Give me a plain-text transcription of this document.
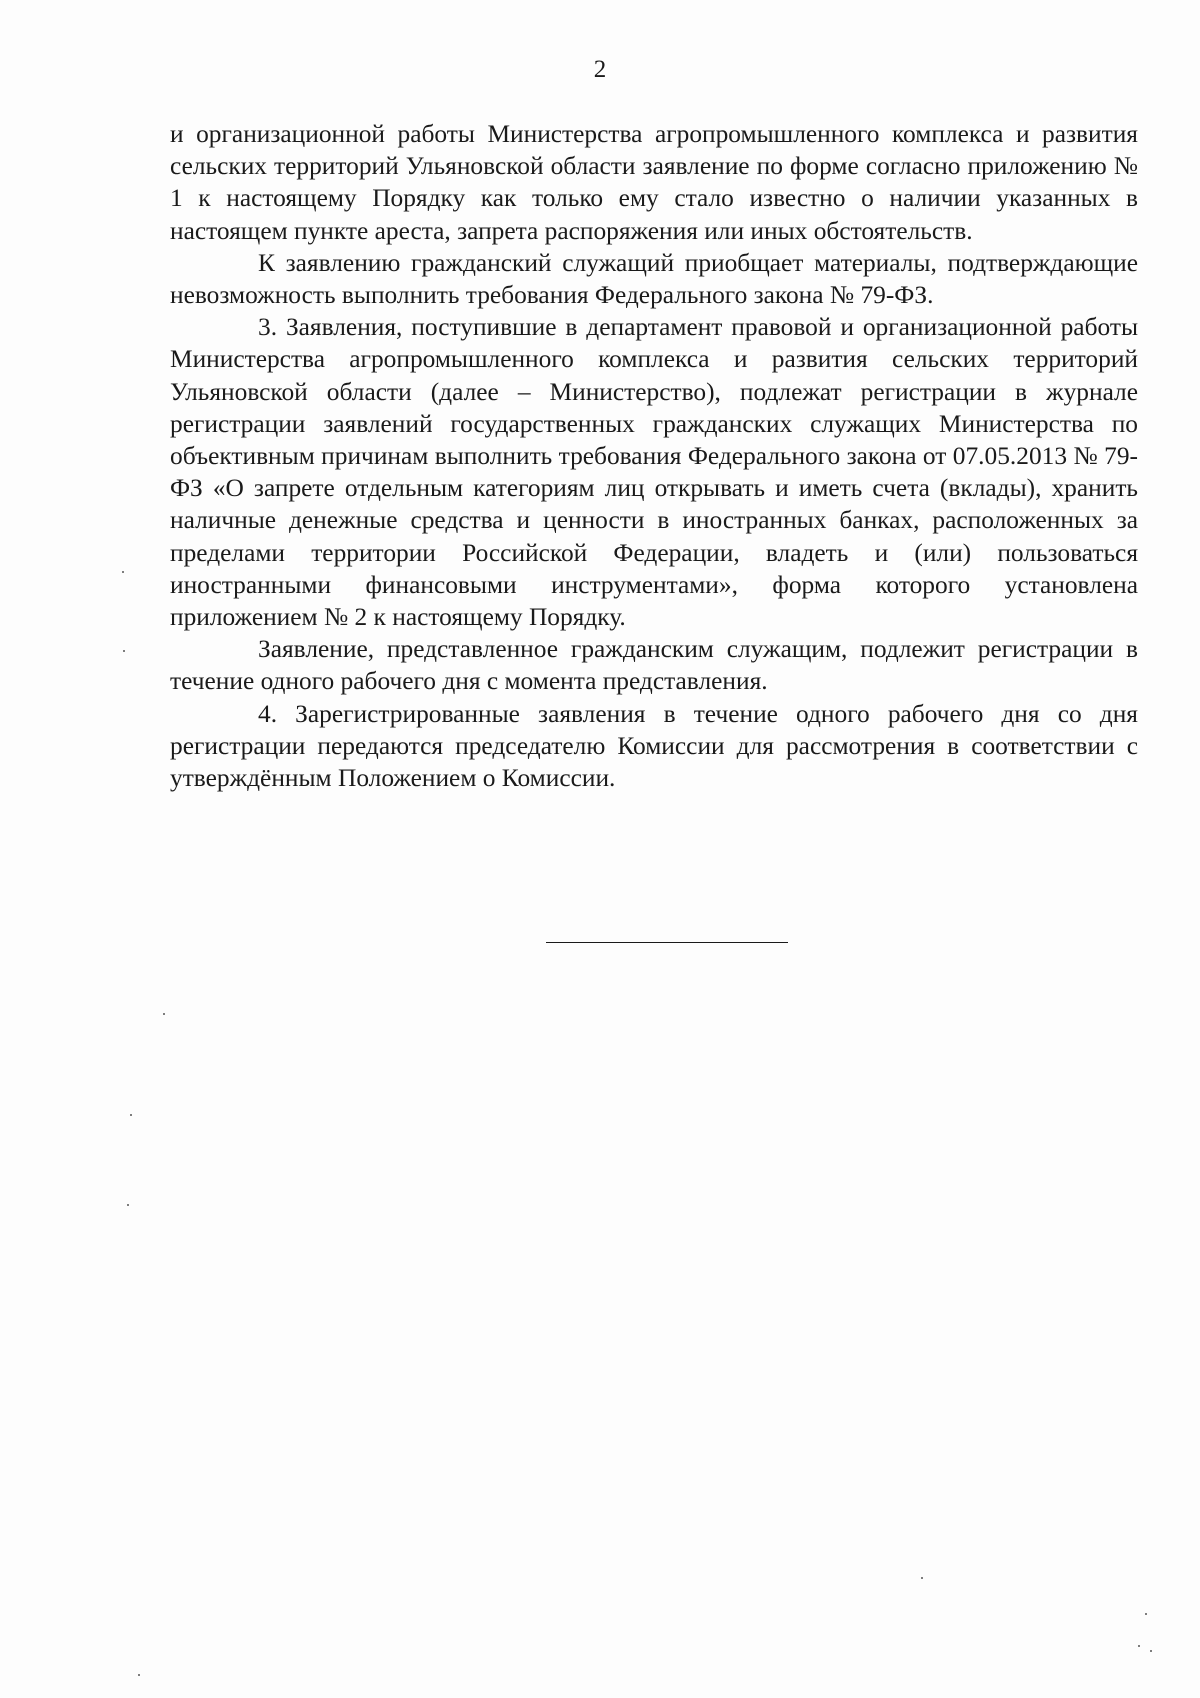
2

и организационной работы Министерства агропромышленного комплекса и развития сельских территорий Ульяновской области заявление по форме согласно приложению № 1 к настоящему Порядку как только ему стало известно о наличии указанных в настоящем пункте ареста, запрета распоряжения или иных обстоятельств.

К заявлению гражданский служащий приобщает материалы, подтверждающие невозможность выполнить требования Федерального закона № 79-ФЗ.

3. Заявления, поступившие в департамент правовой и организационной работы Министерства агропромышленного комплекса и развития сельских территорий Ульяновской области (далее – Министерство), подлежат регистрации в журнале регистрации заявлений государственных гражданских служащих Министерства по объективным причинам выполнить требования Федерального закона от 07.05.2013 № 79-ФЗ «О запрете отдельным категориям лиц открывать и иметь счета (вклады), хранить наличные денежные средства и ценности в иностранных банках, расположенных за пределами территории Российской Федерации, владеть и (или) пользоваться иностранными финансовыми инструментами», форма которого установлена приложением № 2 к настоящему Порядку.

Заявление, представленное гражданским служащим, подлежит регистрации в течение одного рабочего дня с момента представления.

4. Зарегистрированные заявления в течение одного рабочего дня со дня регистрации передаются председателю Комиссии для рассмотрения в соответствии с утверждённым Положением о Комиссии.
